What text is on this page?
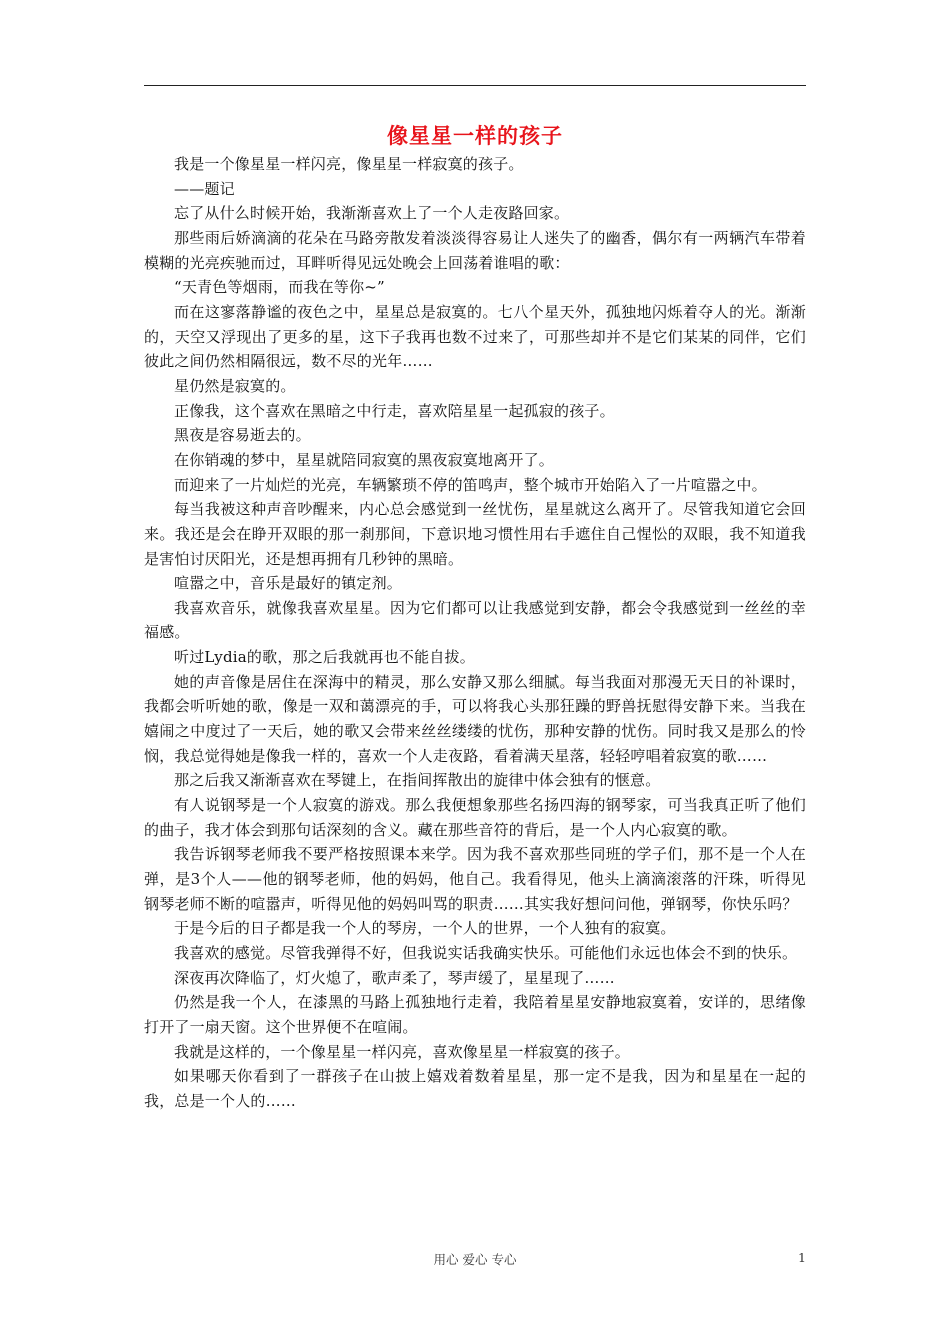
像星星一样的孩子

我是一个像星星一样闪亮，像星星一样寂寞的孩子。

——题记

忘了从什么时候开始，我渐渐喜欢上了一个人走夜路回家。

那些雨后娇滴滴的花朵在马路旁散发着淡淡得容易让人迷失了的幽香，偶尔有一两辆汽车带着模糊的光亮疾驰而过，耳畔听得见远处晚会上回荡着谁唱的歌：

“天青色等烟雨，而我在等你~”

而在这寥落静谧的夜色之中，星星总是寂寞的。七八个星天外，孤独地闪烁着夺人的光。渐渐的，天空又浮现出了更多的星，这下子我再也数不过来了，可那些却并不是它们某某的同伴，它们彼此之间仍然相隔很远，数不尽的光年……

星仍然是寂寞的。

正像我，这个喜欢在黑暗之中行走，喜欢陪星星一起孤寂的孩子。

黑夜是容易逝去的。

在你销魂的梦中，星星就陪同寂寞的黑夜寂寞地离开了。

而迎来了一片灿烂的光亮，车辆繁琐不停的笛鸣声，整个城市开始陷入了一片喧嚣之中。

每当我被这种声音吵醒来，内心总会感觉到一丝忧伤，星星就这么离开了。尽管我知道它会回来。我还是会在睁开双眼的那一刹那间，下意识地习惯性用右手遮住自己惺忪的双眼，我不知道我是害怕讨厌阳光，还是想再拥有几秒钟的黑暗。

喧嚣之中，音乐是最好的镇定剂。

我喜欢音乐，就像我喜欢星星。因为它们都可以让我感觉到安静，都会令我感觉到一丝丝的幸福感。

听过Lydia的歌，那之后我就再也不能自拔。

她的声音像是居住在深海中的精灵，那么安静又那么细腻。每当我面对那漫无天日的补课时，我都会听听她的歌，像是一双和蔼漂亮的手，可以将我心头那狂躁的野兽抚慰得安静下来。当我在嬉闹之中度过了一天后，她的歌又会带来丝丝缕缕的忧伤，那种安静的忧伤。同时我又是那么的怜悯，我总觉得她是像我一样的，喜欢一个人走夜路，看着满天星落，轻轻哼唱着寂寞的歌……

那之后我又渐渐喜欢在琴键上，在指间挥散出的旋律中体会独有的惬意。

有人说钢琴是一个人寂寞的游戏。那么我便想象那些名扬四海的钢琴家，可当我真正听了他们的曲子，我才体会到那句话深刻的含义。藏在那些音符的背后，是一个人内心寂寞的歌。

我告诉钢琴老师我不要严格按照课本来学。因为我不喜欢那些同班的学子们，那不是一个人在弹，是3个人——他的钢琴老师，他的妈妈，他自己。我看得见，他头上滴滴滚落的汗珠，听得见钢琴老师不断的喧嚣声，听得见他的妈妈叫骂的职责……其实我好想问问他，弹钢琴，你快乐吗？

于是今后的日子都是我一个人的琴房，一个人的世界，一个人独有的寂寞。

我喜欢的感觉。尽管我弹得不好，但我说实话我确实快乐。可能他们永远也体会不到的快乐。

深夜再次降临了，灯火熄了，歌声柔了，琴声缓了，星星现了……

仍然是我一个人，在漆黑的马路上孤独地行走着，我陪着星星安静地寂寞着，安详的，思绪像打开了一扇天窗。这个世界便不在喧闹。

我就是这样的，一个像星星一样闪亮，喜欢像星星一样寂寞的孩子。

如果哪天你看到了一群孩子在山披上嬉戏着数着星星，那一定不是我，因为和星星在一起的我，总是一个人的……

用心 爱心 专心	1
